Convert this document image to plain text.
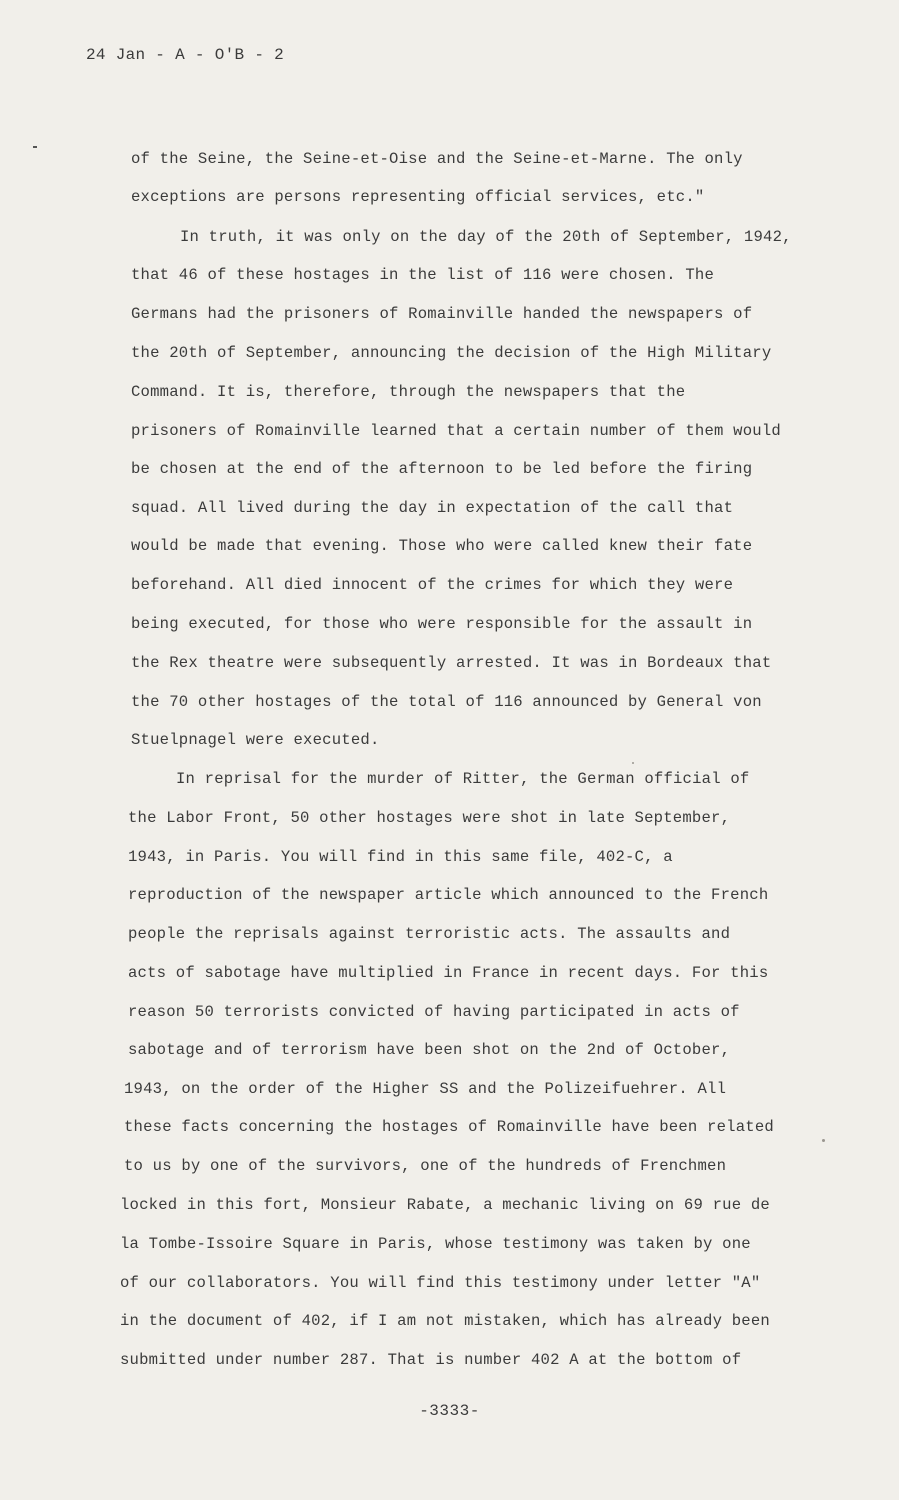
24 Jan - A - O'B - 2
of the Seine, the Seine-et-Oise and the Seine-et-Marne. The only
exceptions are persons representing official services, etc."
In truth, it was only on the day of the 20th of September, 1942,
that 46 of these hostages in the list of 116 were chosen. The
Germans had the prisoners of Romainville handed the newspapers of
the 20th of September, announcing the decision of the High Military
Command. It is, therefore, through the newspapers that the
prisoners of Romainville learned that a certain number of them would
be chosen at the end of the afternoon to be led before the firing
squad. All lived during the day in expectation of the call that
would be made that evening. Those who were called knew their fate
beforehand. All died innocent of the crimes for which they were
being executed, for those who were responsible for the assault in
the Rex theatre were subsequently arrested. It was in Bordeaux that
the 70 other hostages of the total of 116 announced by General von
Stuelpnagel were executed.
In reprisal for the murder of Ritter, the German official of
the Labor Front, 50 other hostages were shot in late September,
1943, in Paris. You will find in this same file, 402-C, a
reproduction of the newspaper article which announced to the French
people the reprisals against terroristic acts. The assaults and
acts of sabotage have multiplied in France in recent days. For this
reason 50 terrorists convicted of having participated in acts of
sabotage and of terrorism have been shot on the 2nd of October,
1943, on the order of the Higher SS and the Polizeifuehrer. All
these facts concerning the hostages of Romainville have been related
to us by one of the survivors, one of the hundreds of Frenchmen
locked in this fort, Monsieur Rabate, a mechanic living on 69 rue de
la Tombe-Issoire Square in Paris, whose testimony was taken by one
of our collaborators. You will find this testimony under letter "A"
in the document of 402, if I am not mistaken, which has already been
submitted under number 287. That is number 402 A at the bottom of
-3333-
